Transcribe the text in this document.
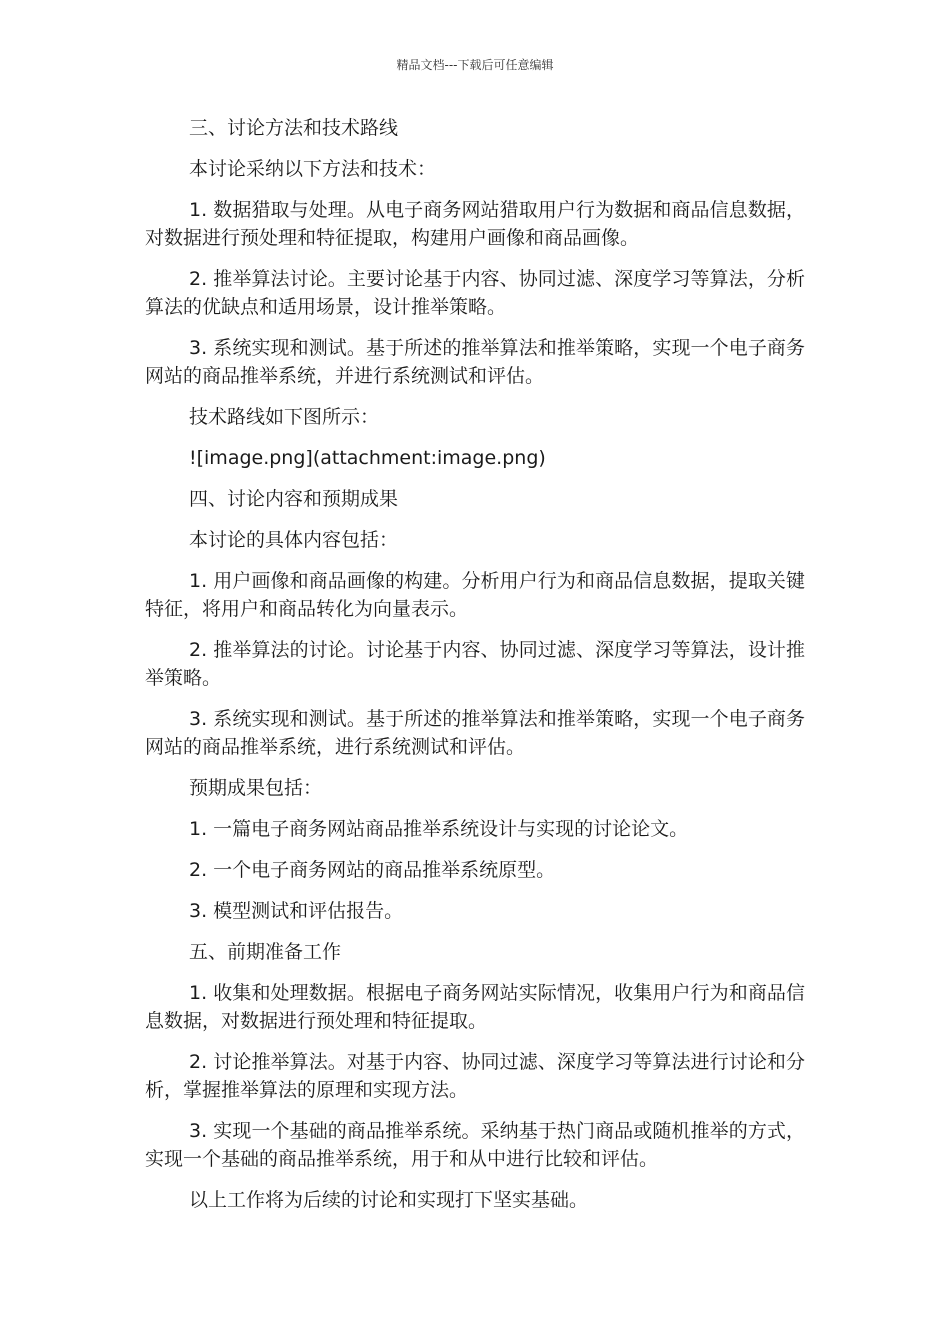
精品文档---下载后可任意编辑

三、讨论方法和技术路线

本讨论采纳以下方法和技术：

1. 数据猎取与处理。从电子商务网站猎取用户行为数据和商品信息数据，对数据进行预处理和特征提取，构建用户画像和商品画像。

2. 推举算法讨论。主要讨论基于内容、协同过滤、深度学习等算法，分析算法的优缺点和适用场景，设计推举策略。

3. 系统实现和测试。基于所述的推举算法和推举策略，实现一个电子商务网站的商品推举系统，并进行系统测试和评估。

技术路线如下图所示：

![image.png](attachment:image.png)

四、讨论内容和预期成果

本讨论的具体内容包括：

1. 用户画像和商品画像的构建。分析用户行为和商品信息数据，提取关键特征，将用户和商品转化为向量表示。

2. 推举算法的讨论。讨论基于内容、协同过滤、深度学习等算法，设计推举策略。

3. 系统实现和测试。基于所述的推举算法和推举策略，实现一个电子商务网站的商品推举系统，进行系统测试和评估。

预期成果包括：

1. 一篇电子商务网站商品推举系统设计与实现的讨论论文。

2. 一个电子商务网站的商品推举系统原型。

3. 模型测试和评估报告。

五、前期准备工作

1. 收集和处理数据。根据电子商务网站实际情况，收集用户行为和商品信息数据，对数据进行预处理和特征提取。

2. 讨论推举算法。对基于内容、协同过滤、深度学习等算法进行讨论和分析，掌握推举算法的原理和实现方法。

3. 实现一个基础的商品推举系统。采纳基于热门商品或随机推举的方式，实现一个基础的商品推举系统，用于和从中进行比较和评估。

以上工作将为后续的讨论和实现打下坚实基础。
